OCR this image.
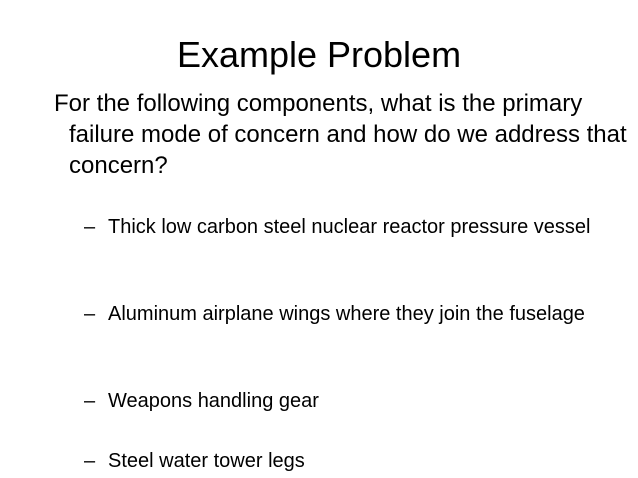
Example Problem
For the following components, what is the primary failure mode of concern and how do we address that concern?
– Thick low carbon steel nuclear reactor pressure vessel
– Aluminum airplane wings where they join the fuselage
– Weapons handling gear
– Steel water tower legs
